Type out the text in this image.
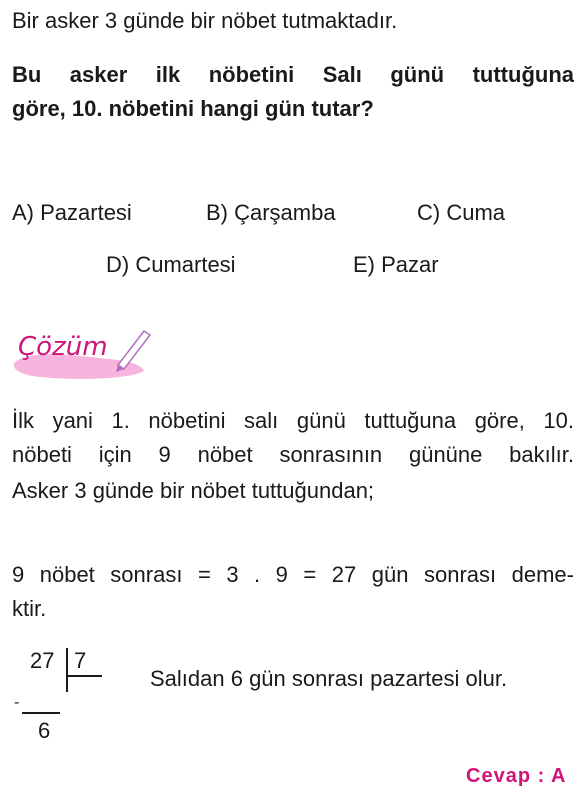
Bir asker 3 günde bir nöbet tutmaktadır.
Bu asker ilk nöbetini Salı günü tuttuğuna
göre, 10. nöbetini hangi gün tutar?
A) Pazartesi	B) Çarşamba	C) Cuma
D) Cumartesi	E) Pazar
Çözüm
İlk yani 1. nöbetini salı günü tuttuğuna göre, 10.
nöbeti için 9 nöbet sonrasının gününe bakılır.
Asker 3 günde bir nöbet tuttuğundan;
9 nöbet sonrası = 3 . 9 = 27 gün sonrası deme-
ktir.
27 7
-
6
Salıdan 6 gün sonrası pazartesi olur.
Cevap : A
